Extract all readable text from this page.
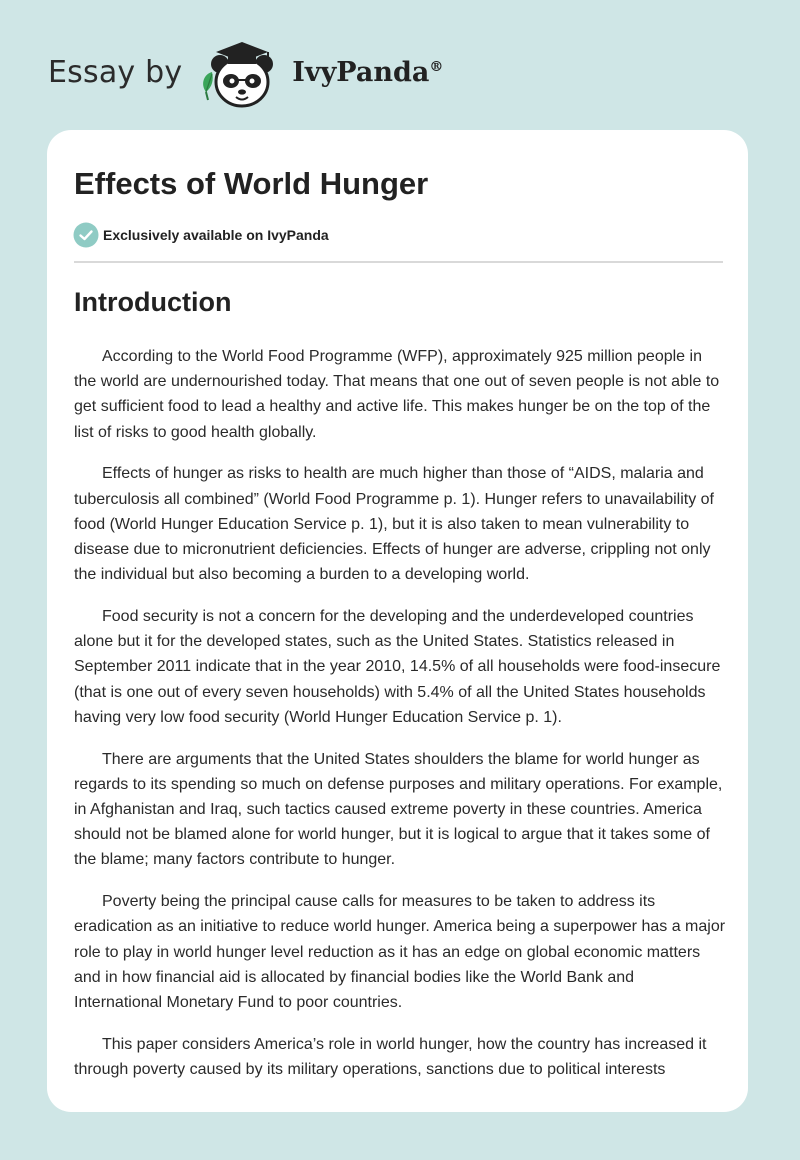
Essay by	IvyPanda®
Effects of World Hunger
Exclusively available on IvyPanda
Introduction

According to the World Food Programme (WFP), approximately 925 million people in the world are undernourished today. That means that one out of seven people is not able to get sufficient food to lead a healthy and active life. This makes hunger be on the top of the list of risks to good health globally.

Effects of hunger as risks to health are much higher than those of “AIDS, malaria and tuberculosis all combined” (World Food Programme p. 1). Hunger refers to unavailability of food (World Hunger Education Service p. 1), but it is also taken to mean vulnerability to disease due to micronutrient deficiencies. Effects of hunger are adverse, crippling not only the individual but also becoming a burden to a developing world.

Food security is not a concern for the developing and the underdeveloped countries alone but it for the developed states, such as the United States. Statistics released in September 2011 indicate that in the year 2010, 14.5% of all households were food-insecure (that is one out of every seven households) with 5.4% of all the United States households having very low food security (World Hunger Education Service p. 1).

There are arguments that the United States shoulders the blame for world hunger as regards to its spending so much on defense purposes and military operations. For example, in Afghanistan and Iraq, such tactics caused extreme poverty in these countries. America should not be blamed alone for world hunger, but it is logical to argue that it takes some of the blame; many factors contribute to hunger.

Poverty being the principal cause calls for measures to be taken to address its eradication as an initiative to reduce world hunger. America being a superpower has a major role to play in world hunger level reduction as it has an edge on global economic matters and in how financial aid is allocated by financial bodies like the World Bank and International Monetary Fund to poor countries.

This paper considers America’s role in world hunger, how the country has increased it through poverty caused by its military operations, sanctions due to political interests
